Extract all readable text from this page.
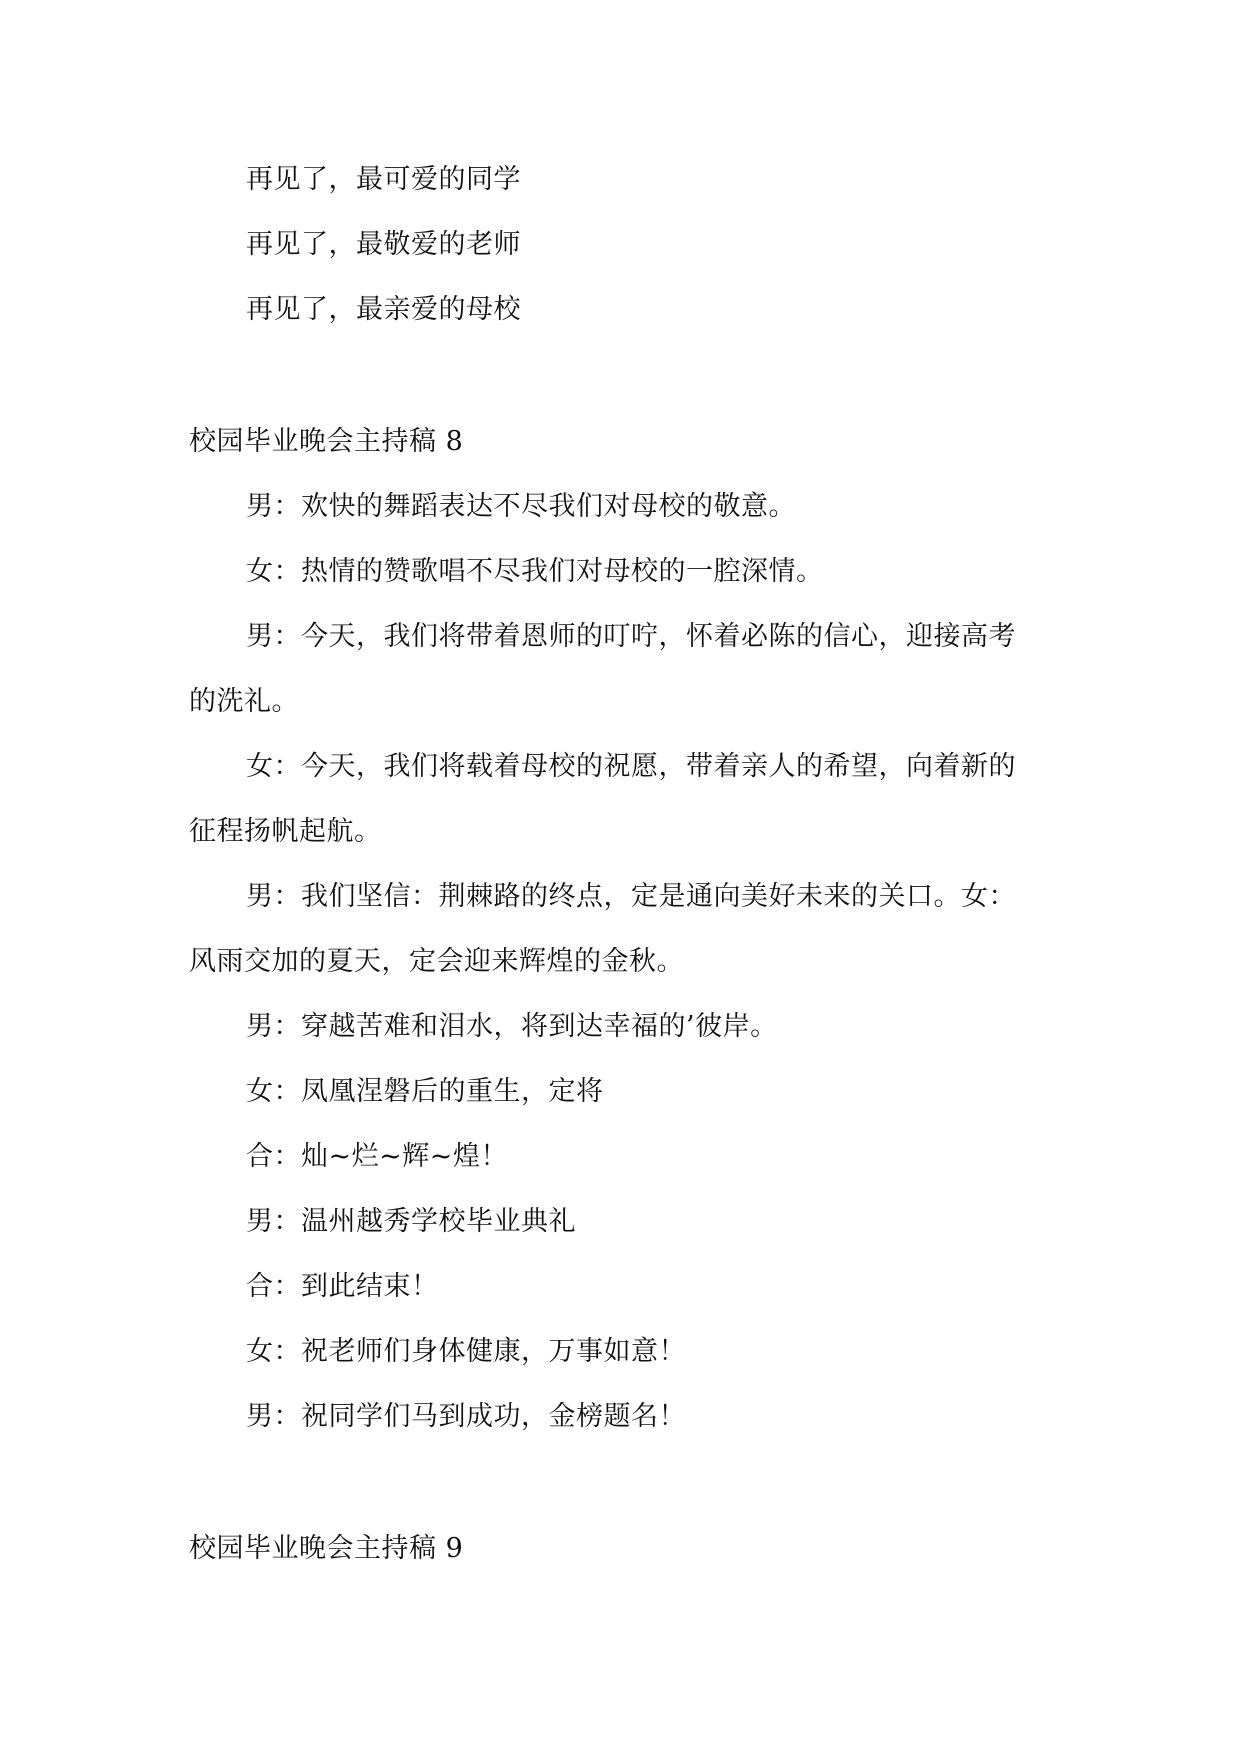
再见了，最可爱的同学
再见了，最敬爱的老师
再见了，最亲爱的母校
校园毕业晚会主持稿 8
男：欢快的舞蹈表达不尽我们对母校的敬意。
女：热情的赞歌唱不尽我们对母校的一腔深情。
男：今天，我们将带着恩师的叮咛，怀着必陈的信心，迎接高考
的洗礼。
女：今天，我们将载着母校的祝愿，带着亲人的希望，向着新的
征程扬帆起航。
男：我们坚信：荆棘路的终点，定是通向美好未来的关口。女：
风雨交加的夏天，定会迎来辉煌的金秋。
男：穿越苦难和泪水，将到达幸福的’彼岸。
女：凤凰涅磐后的重生，定将
合：灿~烂~辉~煌！
男：温州越秀学校毕业典礼
合：到此结束！
女：祝老师们身体健康，万事如意！
男：祝同学们马到成功，金榜题名！
校园毕业晚会主持稿 9
